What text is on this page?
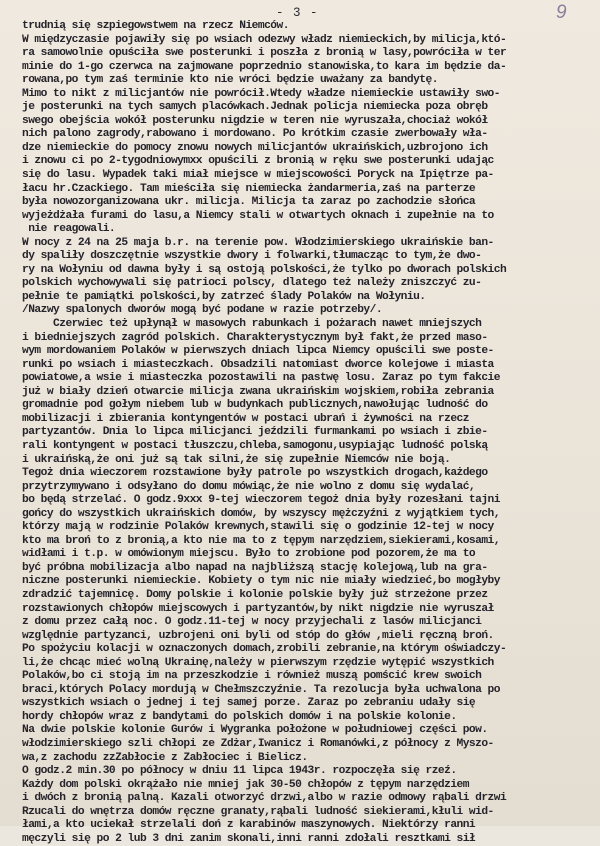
- 3 -	9
trudnią się szpiegowstwem na rzecz Niemców.
W międzyczasie pojawiły się po wsiach odezwy władz niemieckich,by milicja,któ-
ra samowolnie opuściła swe posterunki i poszła z bronią w lasy,powróciła w ter
minie do 1-go czerwca na zajmowane poprzednio stanowiska,to kara im będzie da-
rowana,po tym zaś terminie kto nie wróci będzie uważany za bandytę.
Mimo to nikt z milicjantów nie powrócił.Wtedy władze niemieckie ustawiły swo-
je posterunki na tych samych placówkach.Jednak policja niemiecka poza obręb
swego obejścia wokół posterunku nigdzie w teren nie wyruszała,chociaż wokół
nich palono zagrody,rabowano i mordowano. Po krótkim czasie zwerbowały wła-
dze niemieckie do pomocy znowu nowych milicjantów ukraińskich,uzbrojono ich
i znowu ci po 2-tygodniowymxx opuścili z bronią w ręku swe posterunki udając
się do lasu. Wypadek taki miał miejsce w miejscowości Poryck na Ipiętrze pa-
łacu hr.Czackiego. Tam mieściła się niemiecka żandarmeria,zaś na parterze
była nowozorganizowana ukr. milicja. Milicja ta zaraz po zachodzie słońca
wyjeżdżała furami do lasu,a Niemcy stali w otwartych oknach i zupełnie na to
nie reagowali.
W nocy z 24 na 25 maja b.r. na terenie pow. Włodzimierskiego ukraińskie ban-
dy spaliły doszczętnie wszystkie dwory i folwarki,tłumacząc to tym,że dwo-
ry na Wołyniu od dawna były i są ostoją polskości,że tylko po dworach polskich
polskich wychowywali się patrioci polscy, dlatego też należy zniszczyć zu-
pełnie te pamiątki polskości,by zatrzeć ślady Polaków na Wołyniu.
/Nazwy spalonych dworów mogą być podane w razie potrzeby/.
Czerwiec też upłynął w masowych rabunkach i pożarach nawet mniejszych
i biedniejszych zagród polskich. Charakterystycznym był fakt,że przed maso-
wym mordowaniem Polaków w pierwszych dniach lipca Niemcy opuścili swe poste-
runki po wsiach i miasteczkach. Obsadzili natomiast dworce kolejowe i miasta
powiatowe,a wsie i miasteczka pozostawili na pastwę losu. Zaraz po tym fakcie
już w biały dzień otwarcie milicja zwana ukraińskim wojskiem,robiła zebrania
gromadnie pod gołym niebem lub w budynkach publicznych,nawołując ludność do
mobilizacji i zbierania kontyngentów w postaci ubrań i żywności na rzecz
partyzantów. Dnia lo lipca milicjanci jeździli furmankami po wsiach i zbie-
rali kontyngent w postaci tłuszczu,chleba,samogonu,usypiając ludność polską
i ukraińską,że oni już są tak silni,że się zupełnie Niemców nie boją.
Tegoż dnia wieczorem rozstawione były patrole po wszystkich drogach,każdego
przytrzymywano i odsyłano do domu mówiąc,że nie wolno z domu się wydalać,
bo będą strzelać. O godz.9xxx 9-tej wieczorem tegoż dnia były rozesłani tajni
gońcy do wszystkich ukraińskich domów, by wszyscy mężczyźni z wyjątkiem tych,
którzy mają w rodzinie Polaków krewnych,stawili się o godzinie 12-tej w nocy
kto ma broń to z bronią,a kto nie ma to z tępym narzędziem,siekierami,kosami,
widłami i t.p. w omówionym miejscu. Było to zrobione pod pozorem,że ma to
być próbna mobilizacja albo napad na najbliższą stację kolejową,lub na gra-
niczne posterunki niemieckie. Kobiety o tym nic nie miały wiedzieć,bo mogłyby
zdradzić tajemnicę. Domy polskie i kolonie polskie były już strzeżone przez
rozstawionych chłopów miejscowych i partyzantów,by nikt nigdzie nie wyruszał
z domu przez całą noc. O godz.11-tej w nocy przyjechali z lasów milicjanci
względnie partyzanci, uzbrojeni oni byli od stóp do głów ,mieli ręczną broń.
Po spożyciu kolacji w oznaczonych domach,zrobili zebranie,na którym oświadczy-
li,że chcąc mieć wolną Ukrainę,należy w pierwszym rzędzie wytępić wszystkich
Polaków,bo ci stoją im na przeszkodzie i również muszą pomścić krew swoich
braci,których Polacy mordują w Chełmszczyźnie. Ta rezolucja była uchwalona po
wszystkich wsiach o jednej i tej samej porze. Zaraz po zebraniu udały się
hordy chłopów wraz z bandytami do polskich domów i na polskie kolonie.
Na dwie polskie kolonie Gurów i Wygranka położone w południowej części pow.
włodzimierskiego szli chłopi ze Zdżar,Iwanicz i Romanówki,z północy z Myszo-
wa,z zachodu zzZabłocie z Zabłociec i Bielicz.
O godz.2 min.30 po północy w dniu 11 lipca 1943r. rozpoczęła się rzeź.
Każdy dom polski okrążało nie mniej jak 30-50 chłopów z tępym narzędziem
i dwóch z bronią palną. Kazali otworzyć drzwi,albo w razie odmowy rąbali drzwi
Rzucali do wnętrza domów ręczne granaty,rąbali ludność siekierami,kłuli wid-
łami,a kto uciekał strzelali doń z karabinów maszynowych. Niektórzy ranni
męczyli się po 2 lub 3 dni zanim skonali,inni ranni zdołali resztkami sił
